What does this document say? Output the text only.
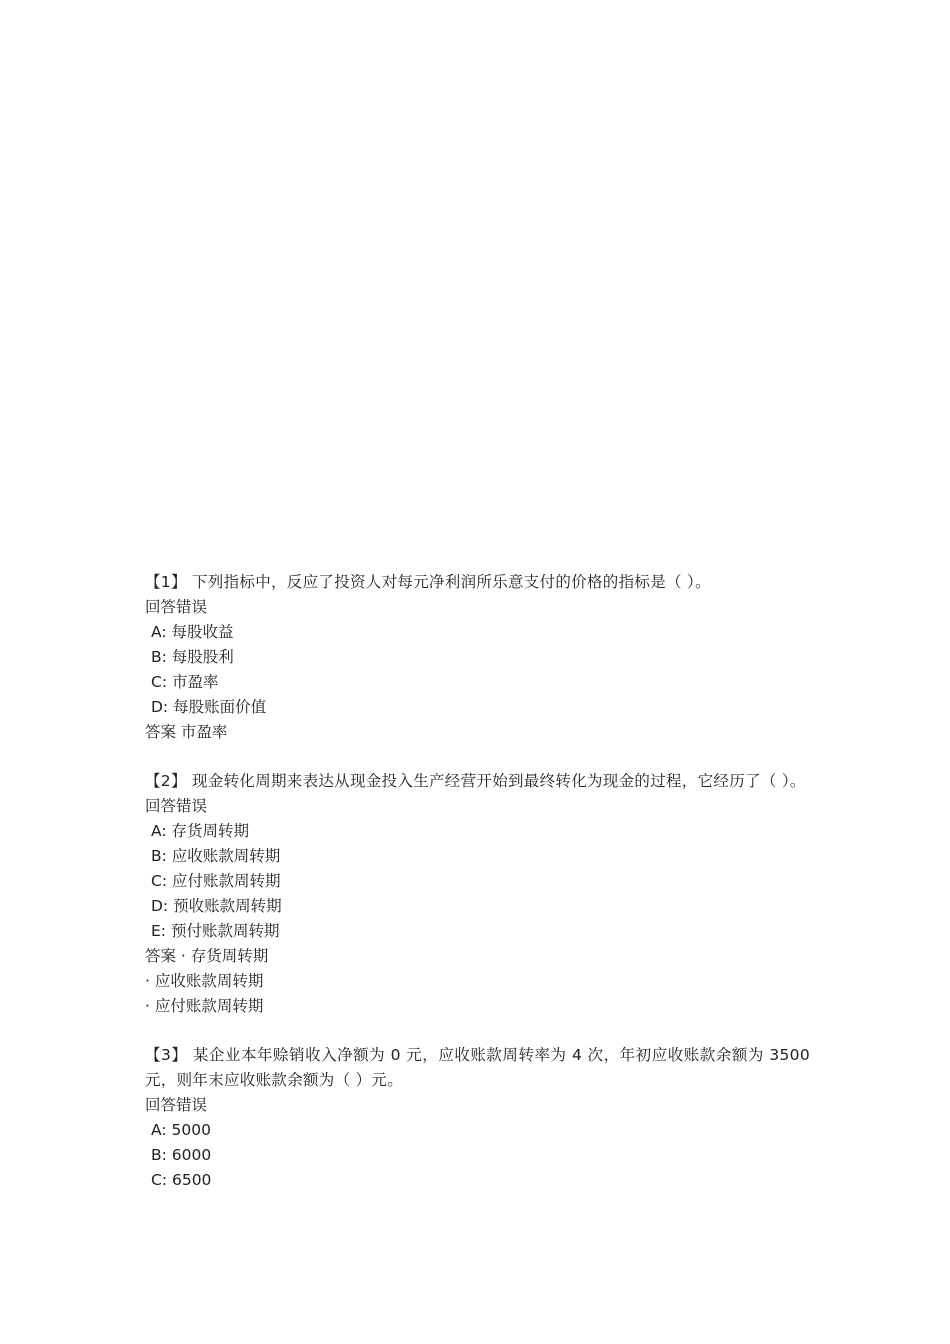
【1】 下列指标中，反应了投资人对每元净利润所乐意支付的价格的指标是（ ）。
回答错误
A: 每股收益
B: 每股股利
C: 市盈率
D: 每股账面价值
答案 市盈率
【2】 现金转化周期来表达从现金投入生产经营开始到最终转化为现金的过程，它经历了（ ）。
回答错误
A: 存货周转期
B: 应收账款周转期
C: 应付账款周转期
D: 预收账款周转期
E: 预付账款周转期
答案 · 存货周转期
· 应收账款周转期
· 应付账款周转期
【3】 某企业本年赊销收入净额为 0 元，应收账款周转率为 4 次，年初应收账款余额为 3500 元，则年末应收账款余额为（ ）元。
回答错误
A: 5000
B: 6000
C: 6500
